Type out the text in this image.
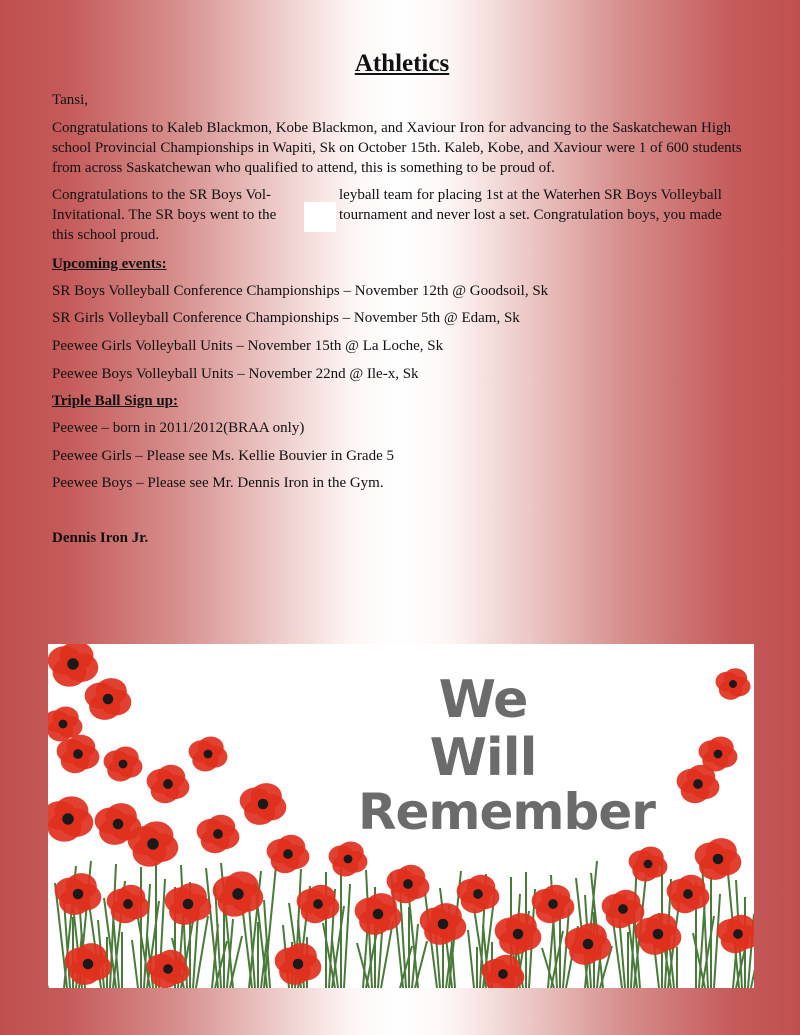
Athletics
Tansi,
Congratulations to Kaleb Blackmon, Kobe Blackmon, and Xaviour Iron for advancing to the Saskatchewan High school Provincial Championships in Wapiti, Sk on October 15th. Kaleb, Kobe, and Xaviour were 1 of 600 students from across Saskatchewan who qualified to attend, this is something to be proud of.
Congratulations to the SR Boys Vol-	leyball team for placing 1st at the Waterhen SR Boys Volleyball
Invitational. The SR boys went to the	tournament and never lost a set. Congratulation boys, you made
this school proud.
Upcoming events:
SR Boys Volleyball Conference Championships – November 12th @ Goodsoil, Sk
SR Girls Volleyball Conference Championships – November 5th @ Edam, Sk
Peewee Girls Volleyball Units – November 15th @ La Loche, Sk
Peewee Boys Volleyball Units – November 22nd @ Ile-x, Sk
Triple Ball Sign up:
Peewee – born in 2011/2012(BRAA only)
Peewee Girls – Please see Ms. Kellie Bouvier in Grade 5
Peewee Boys – Please see Mr. Dennis Iron in the Gym.
Dennis Iron Jr.
We
Will
Remember
